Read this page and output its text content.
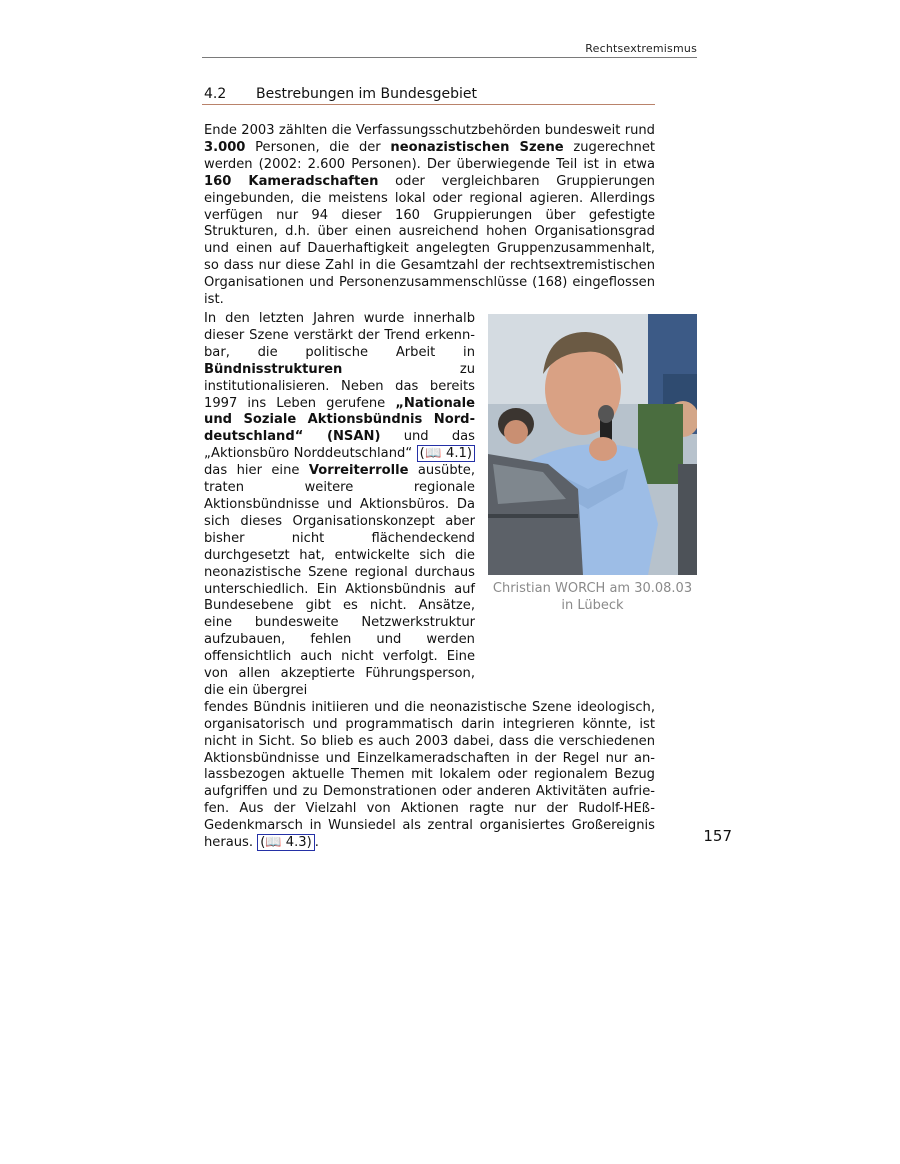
Rechtsextremismus
4.2 Bestrebungen im Bundesgebiet

Ende 2003 zählten die Verfassungsschutzbehörden bundesweit rund 3.000 Personen, die der neonazistischen Szene zugerechnet werden (2002: 2.600 Personen). Der überwiegende Teil ist in etwa 160 Kameradschaften oder vergleichbaren Gruppierungen eingebunden, die meistens lokal oder regional agieren. Allerdings verfügen nur 94 dieser 160 Gruppierungen über gefestigte Strukturen, d.h. über einen ausreichend hohen Organisationsgrad und einen auf Dauerhaftigkeit angelegten Gruppenzusammenhalt, so dass nur diese Zahl in die Gesamtzahl der rechtsextremistischen Organisationen und Personenzusammenschlüsse (168) eingeflossen ist.

In den letzten Jahren wurde innerhalb dieser Szene verstärkt der Trend erkennbar, die politische Arbeit in Bündnisstrukturen zu institutionalisieren. Neben das bereits 1997 ins Leben gerufene „Nationale und Soziale Aktionsbündnis Norddeutschland“ (NSAN) und das „Aktionsbüro Norddeutschland“ (📖 4.1) das hier eine Vorreiterrolle ausübte, traten weitere regionale Aktionsbündnisse und Aktionsbüros. Da sich dieses Organisationskonzept aber bisher nicht flächendeckend durchgesetzt hat, entwickelte sich die neonazistische Szene regional durchaus unterschiedlich. Ein Aktionsbündnis auf Bundesebene gibt es nicht. Ansätze, eine bundesweite Netzwerkstruktur aufzubauen, fehlen und werden offensichtlich auch nicht verfolgt. Eine von allen akzeptierte Führungsperson, die ein übergrei
fendes Bündnis initiieren und die neonazistische Szene ideologisch, organisatorisch und programmatisch darin integrieren könnte, ist nicht in Sicht. So blieb es auch 2003 dabei, dass die verschiedenen Aktionsbündnisse und Einzelkameradschaften in der Regel nur anlassbezogen aktuelle Themen mit lokalem oder regionalem Bezug aufgriffen und zu Demonstrationen oder anderen Aktivitäten aufriefen. Aus der Vielzahl von Aktionen ragte nur der Rudolf-HEß-Gedenkmarsch in Wunsiedel als zentral organisiertes Großereignis heraus. (📖 4.3) .
Christian WORCH am 30.08.03 in Lübeck
157
